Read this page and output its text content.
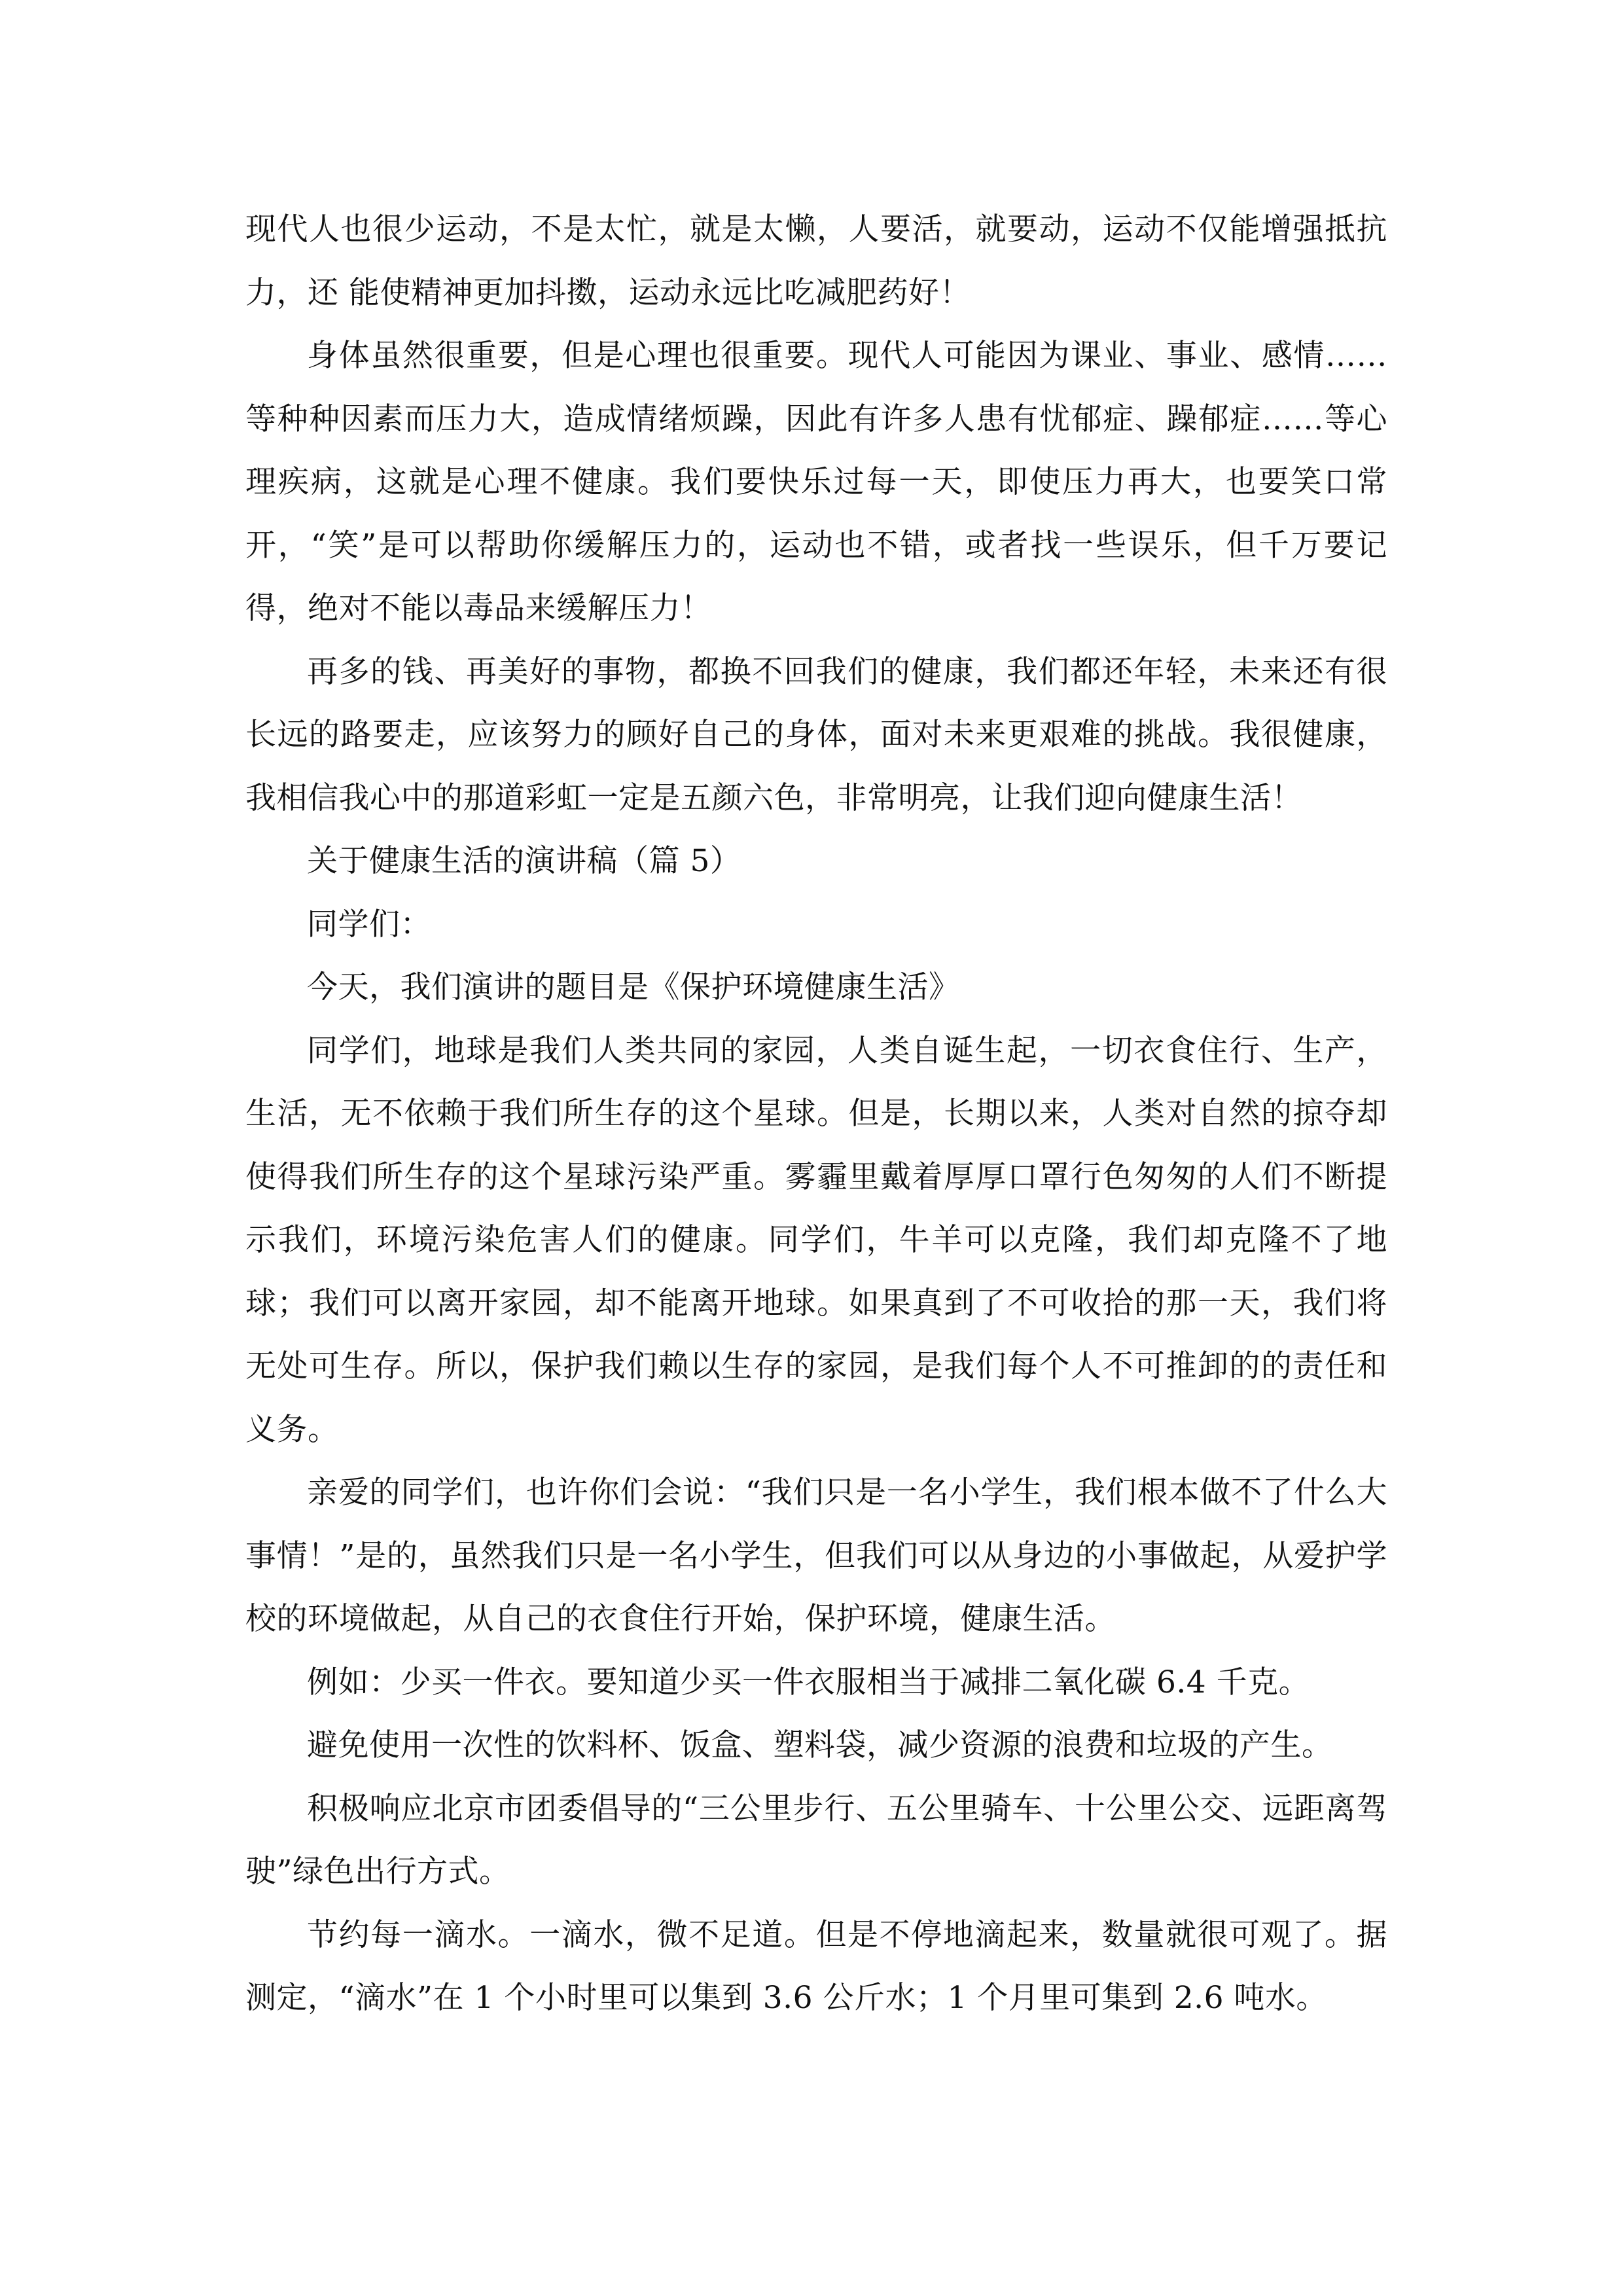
现代人也很少运动，不是太忙，就是太懒，人要活，就要动，运动不仅能增强抵抗力，还 能使精神更加抖擞，运动永远比吃减肥药好！

身体虽然很重要，但是心理也很重要。现代人可能因为课业、事业、感情……等种种因素而压力大，造成情绪烦躁，因此有许多人患有忧郁症、躁郁症……等心理疾病，这就是心理不健康。我们要快乐过每一天，即使压力再大，也要笑口常开，“笑”是可以帮助你缓解压力的，运动也不错，或者找一些误乐，但千万要记 得，绝对不能以毒品来缓解压力！

再多的钱、再美好的事物，都换不回我们的健康，我们都还年轻，未来还有很长远的路要走，应该努力的顾好自己的身体，面对未来更艰难的挑战。我很健康，我相信我心中的那道彩虹一定是五颜六色，非常明亮，让我们迎向健康生活！

关于健康生活的演讲稿（篇 5）

同学们：

今天，我们演讲的题目是《保护环境健康生活》

同学们，地球是我们人类共同的家园，人类自诞生起，一切衣食住行、生产，生活，无不依赖于我们所生存的这个星球。但是，长期以来，人类对自然的掠夺却使得我们所生存的这个星球污染严重。雾霾里戴着厚厚口罩行色匆匆的人们不断提示我们，环境污染危害人们的健康。同学们，牛羊可以克隆，我们却克隆不了地球；我们可以离开家园，却不能离开地球。如果真到了不可收拾的那一天，我们将无处可生存。所以，保护我们赖以生存的家园，是我们每个人不可推卸的的责任和义务。

亲爱的同学们，也许你们会说：“我们只是一名小学生，我们根本做不了什么大事情！”是的，虽然我们只是一名小学生，但我们可以从身边的小事做起，从爱护学校的环境做起，从自己的衣食住行开始，保护环境，健康生活。

例如：少买一件衣。要知道少买一件衣服相当于减排二氧化碳 6.4 千克。

避免使用一次性的饮料杯、饭盒、塑料袋，减少资源的浪费和垃圾的产生。

积极响应北京市团委倡导的“三公里步行、五公里骑车、十公里公交、远距离驾驶”绿色出行方式。

节约每一滴水。一滴水，微不足道。但是不停地滴起来，数量就很可观了。据测定，“滴水”在 1 个小时里可以集到 3.6 公斤水；1 个月里可集到 2.6 吨水。
